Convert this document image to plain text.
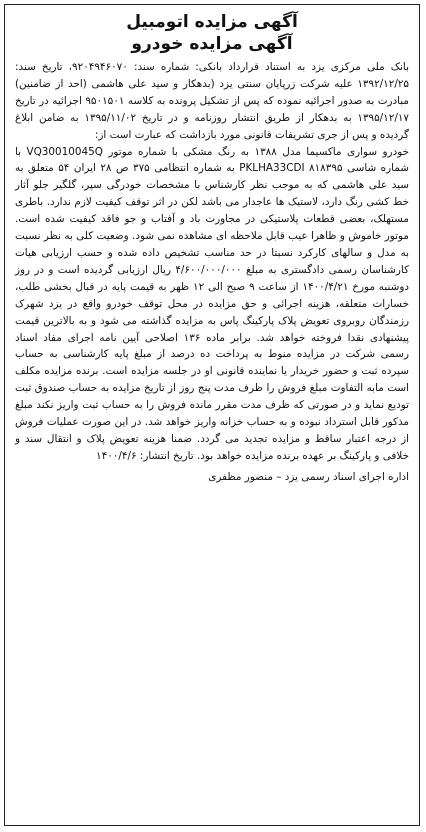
آگهی مزایده اتومبیل
آگهی مزایده خودرو

بانک ملی مرکزی یزد به استناد قرارداد بانکی: شماره سند: ۹۲۰۴۹۴۶۰۷۰، تاریخ سند: ۱۳۹۲/۱۲/۲۵ علیه شرکت زرپایان سنتی یزد (بدهکار و سید علی هاشمی (احد از ضامنین) مبادرت به صدور اجرائیه نموده که پس از تشکیل پرونده به کلاسه ۹۵۰۱۵۰۱ اجرائیه در تاریخ ۱۳۹۵/۱۲/۱۷ به بدهکار از طریق انتشار روزنامه و در تاریخ ۱۳۹۵/۱۱/۰۲ به ضامن ابلاغ گردیده و پس از جری تشریفات قانونی مورد بازداشت که عبارت است از:

خودرو سواری ماکسیما مدل ۱۳۸۸ به رنگ مشکی با شماره موتور VQ30010045Q با شماره شاسی PKLHA33CDI ۸۱۸۳۹۵ به شماره انتظامی ۳۷۵ ص ۲۸ ایران ۵۴ متعلق به سید علی هاشمی که به موجب نظر کارشناس با مشخصات خودرگی سپر، گلگیر جلو آثار خط کشی رنگ دارد، لاستیک ها عاجدار می باشد لکن در اثر توقف کیفیت لازم ندارد. باطری مستهلک، بعضی قطعات پلاستیکی در مجاورت باد و آفتاب و جو فاقد کیفیت شده است. موتور خاموش و ظاهرا عیب قابل ملاحظه ای مشاهده نمی شود. وضعیت کلی به نظر نسبت به مدل و سالهای کارکرد نسبتا در حد مناسب تشخیص داده شده و حسب ارزیابی هیات کارشناسان رسمی دادگستری به مبلغ ۴/۶۰۰/۰۰۰/۰۰۰ ریال ارزیابی گردیده است و در روز دوشنبه مورخ ۱۴۰۰/۴/۲۱ از ساعت ۹ صبح الی ۱۲ ظهر به قیمت پایه در قبال بخشی طلب، خسارات متعلقه، هزینه اجرائی و حق مزایده در محل توقف خودرو واقع در یزد شهرک رزمندگان روبروی تعویض پلاک پارکینگ پاس به مزایده گذاشته می شود و به بالاترین قیمت پیشنهادی نقدا فروخته خواهد شد. برابر ماده ۱۳۶ اصلاحی آیین نامه اجرای مفاد اسناد رسمی شرکت در مزایده منوط به پرداخت ده درصد از مبلغ پایه کارشناسی به حساب سپرده ثبت و حضور خریدار یا نماینده قانونی او در جلسه مزایده است. برنده مزایده مکلف است مابه التفاوت مبلغ فروش را ظرف مدت پنج روز از تاریخ مزایده به حساب صندوق ثبت تودیع نماید و در صورتی که ظرف مدت مقرر مانده فروش را به حساب ثبت واریز نکند مبلغ مذکور قابل استرداد نبوده و به حساب خزانه واریز خواهد شد. در این صورت عملیات فروش از درجه اعتبار ساقط و مزایده تجدید می گردد. ضمنا هزینه تعویض پلاک و انتقال سند و خلافی و پارکینگ بر عهده برنده مزایده خواهد بود. تاریخ انتشار: ۱۴۰۰/۴/۶

اداره اجرای اسناد رسمی یزد – منصور مظفری
